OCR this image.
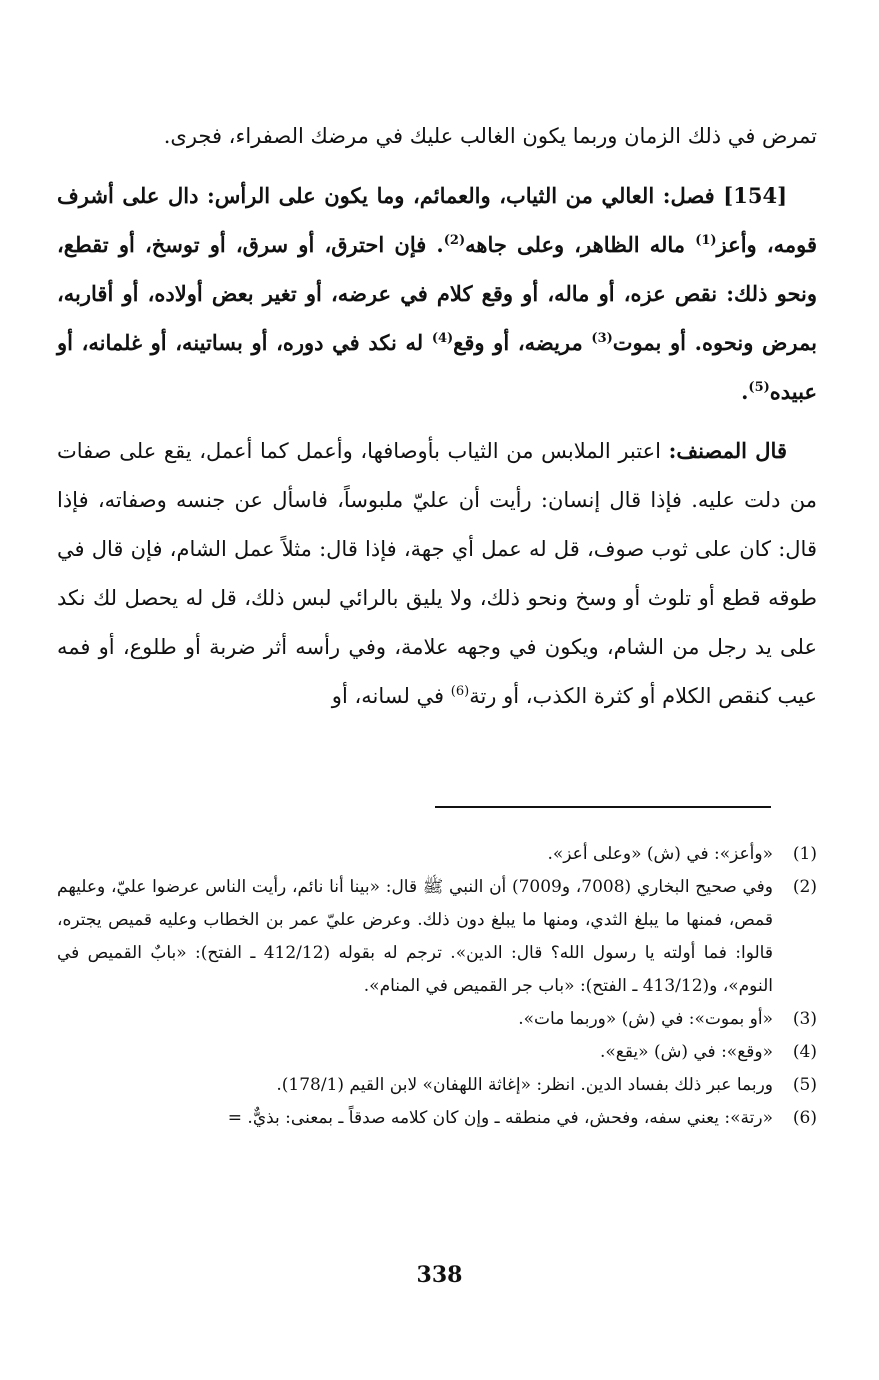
تمرض في ذلك الزمان وربما يكون الغالب عليك في مرضك الصفراء، فجرى.

[154] فصل: العالي من الثياب، والعمائم، وما يكون على الرأس: دال على أشرف قومه، وأعز$^{(1)}$ ماله الظاهر، وعلى جاهه$^{(2)}$. فإن احترق، أو سرق، أو توسخ، أو تقطع، ونحو ذلك: نقص عزه، أو ماله، أو وقع كلام في عرضه، أو تغير بعض أولاده، أو أقاربه، بمرض ونحوه. أو بموت$^{(3)}$ مريضه، أو وقع$^{(4)}$ له نكد في دوره، أو بساتينه، أو غلمانه، أو عبيده$^{(5)}$.

قال المصنف: اعتبر الملابس من الثياب بأوصافها، وأعمل كما أعمل، يقع على صفات من دلت عليه. فإذا قال إنسان: رأيت أن عليّ ملبوساً، فاسأل عن جنسه وصفاته، فإذا قال: كان على ثوب صوف، قل له عمل أي جهة، فإذا قال: مثلاً عمل الشام، فإن قال في طوقه قطع أو تلوث أو وسخ ونحو ذلك، ولا يليق بالرائي لبس ذلك، قل له يحصل لك نكد على يد رجل من الشام، ويكون في وجهه علامة، وفي رأسه أثر ضربة أو طلوع، أو فمه عيب كنقص الكلام أو كثرة الكذب، أو رتة$^{(6)}$ في لسانه، أو

(1)
«وأعز»: في (ش) «وعلى أعز».
(2)
وفي صحيح البخاري (7008، و7009) أن النبي ﷺ قال: «بينا أنا نائم، رأيت الناس عرضوا عليّ، وعليهم قمص، فمنها ما يبلغ الثدي، ومنها ما يبلغ دون ذلك. وعرض عليّ عمر بن الخطاب وعليه قميص يجتره، قالوا: فما أولته يا رسول الله؟ قال: الدين». ترجم له بقوله (412/12 ـ الفتح): «بابٌ القميص في النوم»، و(413/12 ـ الفتح): «باب جر القميص في المنام».
(3)
«أو بموت»: في (ش) «وربما مات».
(4)
«وقع»: في (ش) «يقع».
(5)
وربما عبر ذلك بفساد الدين. انظر: «إغاثة اللهفان» لابن القيم (178/1).
(6)
«رتة»: يعني سفه، وفحش، في منطقه ـ وإن كان كلامه صدقاً ـ بمعنى: بذيٌّ. =
338
